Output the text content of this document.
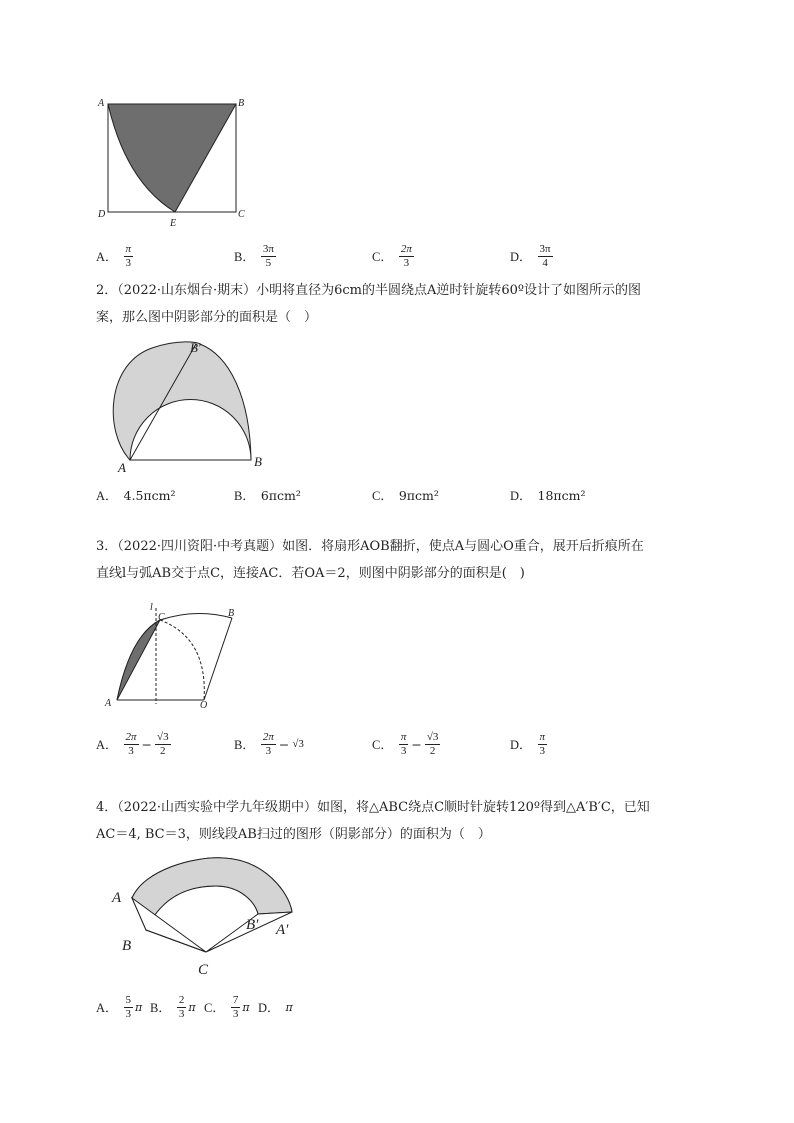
A	B
C
D
E
A． $\frac{\pi}{3}$	B． $\frac{3\pi}{5}$	C． $\frac{2\pi}{3}$	D． $\frac{3\pi}{4}$
2．（2022·山东烟台·期末）小明将直径为6cm的半圆绕点A逆时针旋转60º设计了如图所示的图
案，那么图中阴影部分的面积是（　）
A	B
B′
A． 4.5πcm²	B． 6πcm²	C． 9πcm²	D． 18πcm²
3．（2022·四川资阳·中考真题）如图．将扇形AOB翻折，使点A与圆心O重合，展开后折痕所在
直线l与弧AB交于点C，连接AC．若OA＝2，则图中阴影部分的面积是(　)
l
C	B
A	O
A． $\frac{2\pi}{3} - \frac{√3}{2}$	B． $\frac{2\pi}{3} - √3$	C． $\frac{\pi}{3} - \frac{√3}{2}$	D． $\frac{\pi}{3}$
4．（2022·山西实验中学九年级期中）如图，将△ABC绕点C顺时针旋转120º得到△A′B′C，已知
AC＝4, BC＝3，则线段AB扫过的图形（阴影部分）的面积为（　）
A
B
C
B′ A′
A． $\frac{5}{3}$ π B． $\frac{2}{3}$ π C． $\frac{7}{3}$ π D． π
